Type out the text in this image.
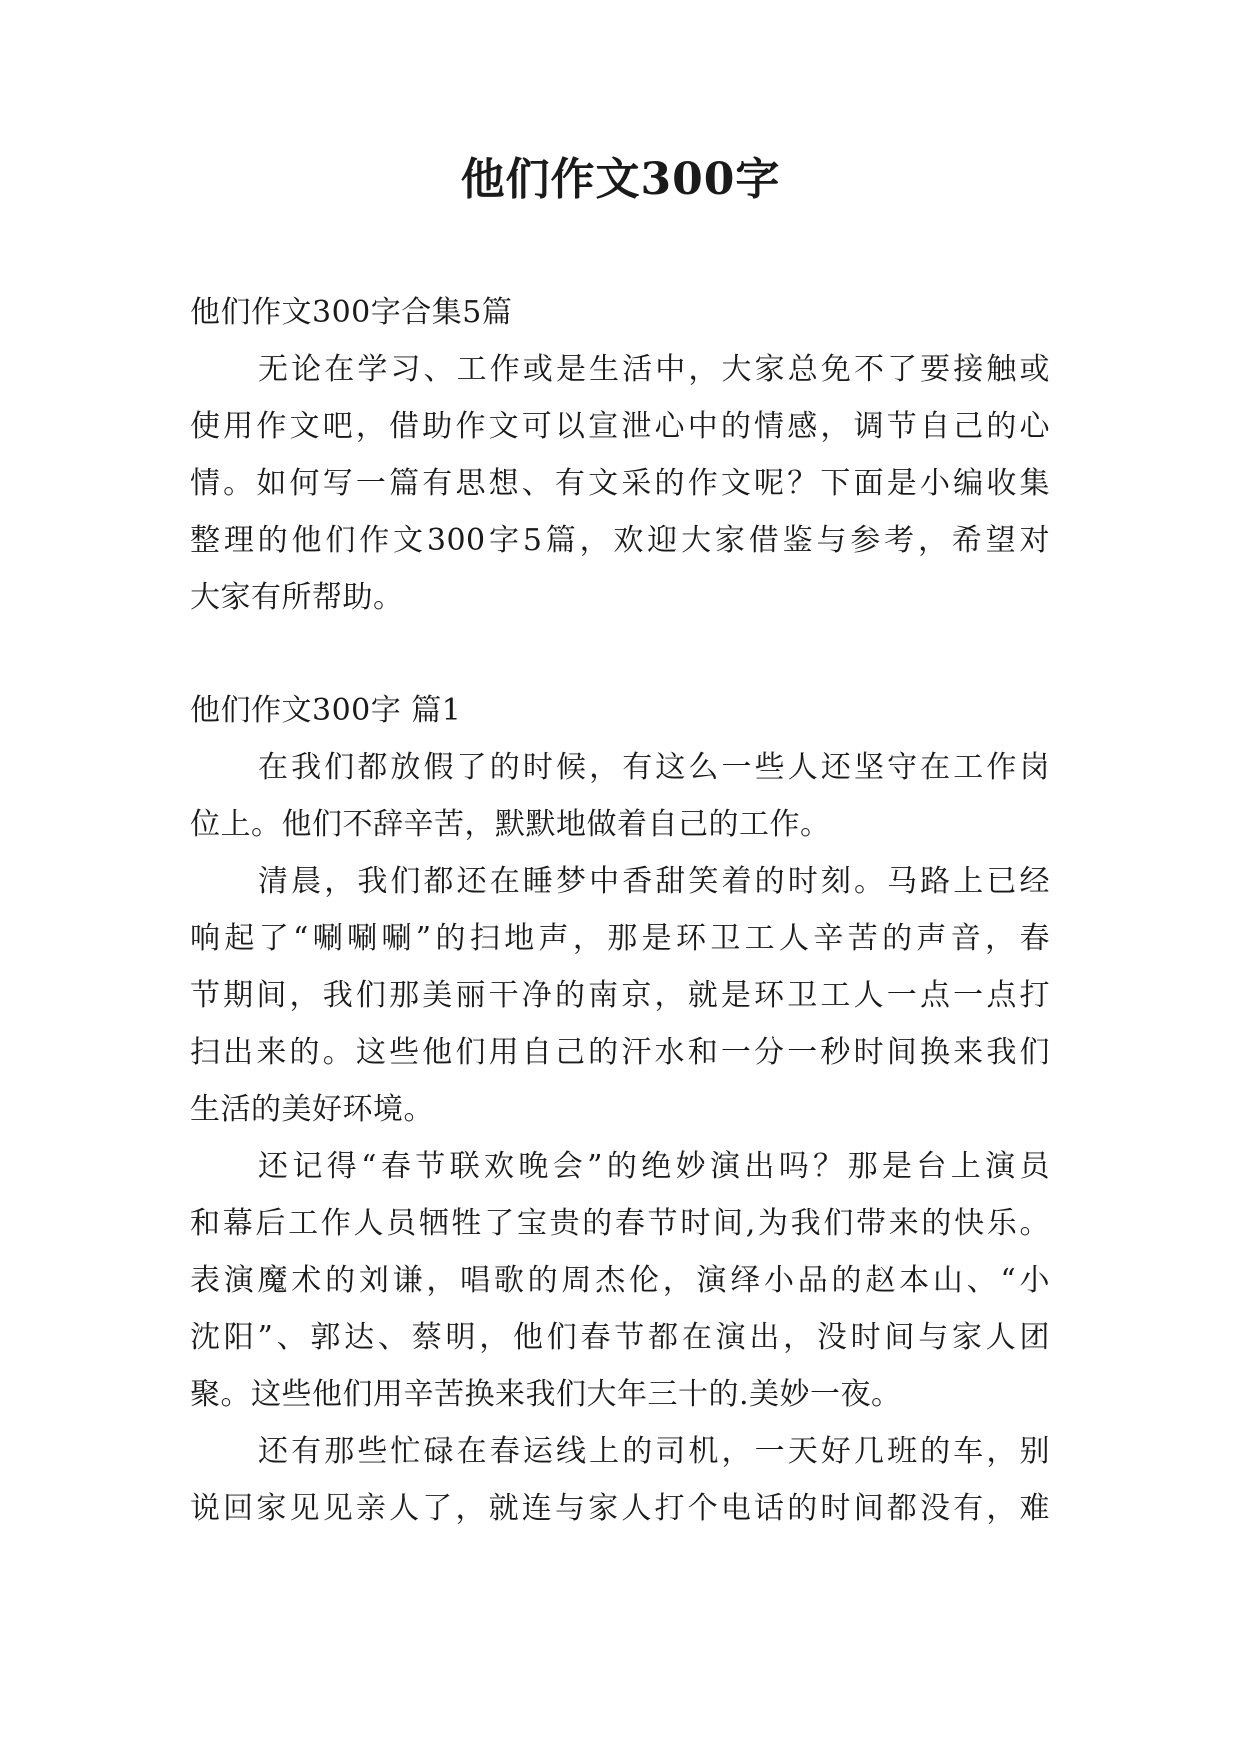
他们作文300字
他们作文300字合集5篇
无论在学习、工作或是生活中，大家总免不了要接触或
使用作文吧，借助作文可以宣泄心中的情感，调节自己的心
情。如何写一篇有思想、有文采的作文呢？下面是小编收集
整理的他们作文300字5篇，欢迎大家借鉴与参考，希望对
大家有所帮助。
他们作文300字 篇1
在我们都放假了的时候，有这么一些人还坚守在工作岗
位上。他们不辞辛苦，默默地做着自己的工作。
清晨，我们都还在睡梦中香甜笑着的时刻。马路上已经
响起了“唰唰唰”的扫地声，那是环卫工人辛苦的声音，春
节期间，我们那美丽干净的南京，就是环卫工人一点一点打
扫出来的。这些他们用自己的汗水和一分一秒时间换来我们
生活的美好环境。
还记得“春节联欢晚会”的绝妙演出吗？那是台上演员
和幕后工作人员牺牲了宝贵的春节时间,为我们带来的快乐。
表演魔术的刘谦，唱歌的周杰伦，演绎小品的赵本山、“小
沈阳”、郭达、蔡明，他们春节都在演出，没时间与家人团
聚。这些他们用辛苦换来我们大年三十的.美妙一夜。
还有那些忙碌在春运线上的司机，一天好几班的车，别
说回家见见亲人了，就连与家人打个电话的时间都没有，难
